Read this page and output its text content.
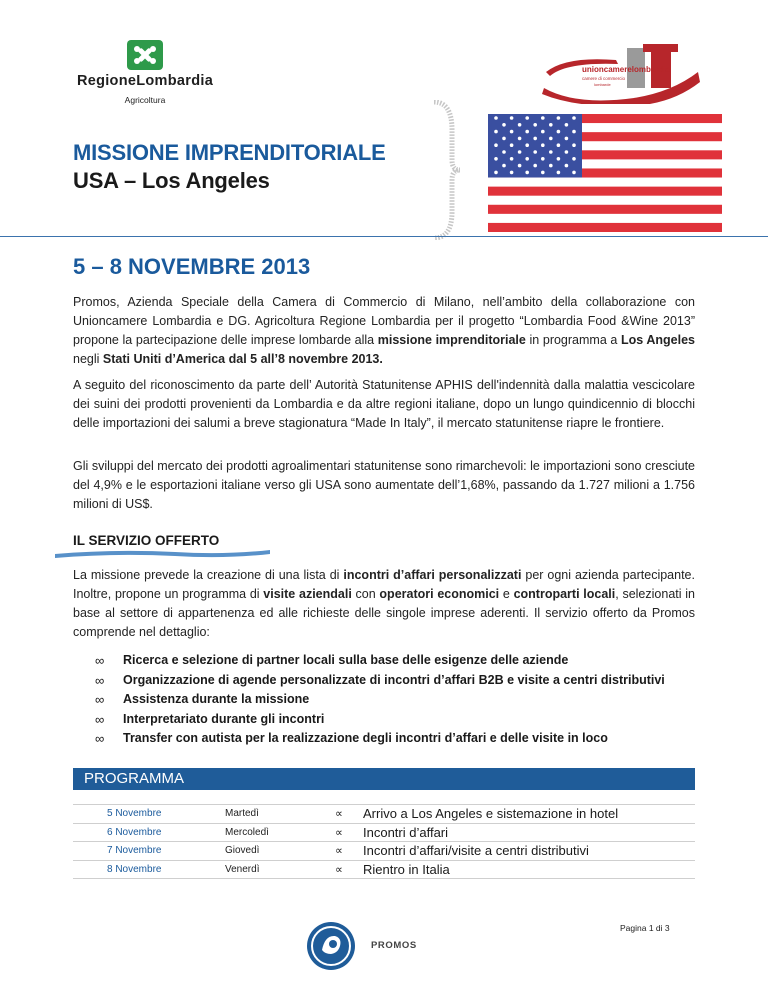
RegioneLombardia
Agricoltura
unioncamerelombardia
camere di commercio
lombarde
MISSIONE IMPRENDITORIALE
USA – Los Angeles
5 – 8 NOVEMBRE 2013
Promos, Azienda Speciale della Camera di Commercio di Milano, nell’ambito della collaborazione con Unioncamere Lombardia e DG. Agricoltura Regione Lombardia per il progetto “Lombardia Food &Wine 2013” propone la partecipazione delle imprese lombarde alla missione imprenditoriale in programma a Los Angeles negli Stati Uniti d’America dal 5 all’8 novembre 2013.
A seguito del riconoscimento da parte dell’ Autorità Statunitense APHIS dell'indennità dalla malattia vescicolare dei suini dei prodotti provenienti da Lombardia e da altre regioni italiane, dopo un lungo quindicennio di blocchi delle importazioni dei salumi a breve stagionatura “Made In Italy”, il mercato statunitense riapre le frontiere.
Gli sviluppi del mercato dei prodotti agroalimentari statunitense sono rimarchevoli: le importazioni sono cresciute del 4,9% e le esportazioni italiane verso gli USA sono aumentate dell’1,68%, passando da 1.727 milioni a 1.756 milioni di US$.
IL SERVIZIO OFFERTO
La missione prevede la creazione di una lista di incontri d’affari personalizzati per ogni azienda partecipante. Inoltre, propone un programma di visite aziendali con operatori economici e controparti locali, selezionati in base al settore di appartenenza ed alle richieste delle singole imprese aderenti. Il servizio offerto da Promos comprende nel dettaglio:
∞	Ricerca e selezione di partner locali sulla base delle esigenze delle aziende
∞	Organizzazione di agende personalizzate di incontri d’affari B2B e visite a centri distributivi
∞	Assistenza durante la missione
∞	Interpretariato durante gli incontri
∞	Transfer con autista per la realizzazione degli incontri d’affari e delle visite in loco
PROGRAMMA
5 Novembre	Martedì	∝	Arrivo a Los Angeles e sistemazione in hotel
6 Novembre	Mercoledì	∝	Incontri d’affari
7 Novembre	Giovedì	∝	Incontri d’affari/visite a centri distributivi
8 Novembre	Venerdì	∝	Rientro in Italia
Pagina 1 di 3
PROMOS
